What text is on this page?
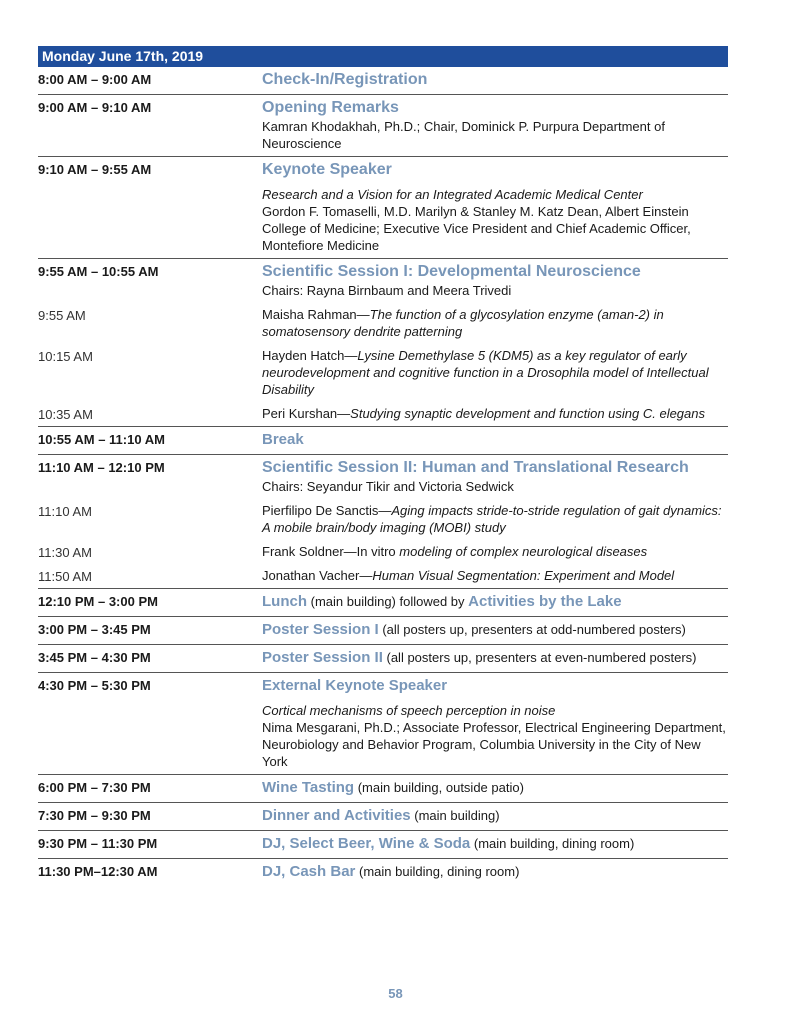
Monday June 17th, 2019
8:00 AM – 9:00 AM	Check-In/Registration
9:00 AM – 9:10 AM	Opening Remarks
Kamran Khodakhah, Ph.D.; Chair, Dominick P. Purpura Department of Neuroscience
9:10 AM – 9:55 AM	Keynote Speaker
Research and a Vision for an Integrated Academic Medical Center
Gordon F. Tomaselli, M.D. Marilyn & Stanley M. Katz Dean, Albert Einstein College of Medicine; Executive Vice President and Chief Academic Officer, Montefiore Medicine
9:55 AM – 10:55 AM	Scientific Session I: Developmental Neuroscience
Chairs: Rayna Birnbaum and Meera Trivedi
9:55 AM	Maisha Rahman—The function of a glycosylation enzyme (aman-2) in somatosensory dendrite patterning
10:15 AM	Hayden Hatch—Lysine Demethylase 5 (KDM5) as a key regulator of early neurodevelopment and cognitive function in a Drosophila model of Intellectual Disability
10:35 AM	Peri Kurshan—Studying synaptic development and function using C. elegans
10:55 AM – 11:10 AM	Break
11:10 AM – 12:10 PM	Scientific Session II: Human and Translational Research
Chairs: Seyandur Tikir and Victoria Sedwick
11:10 AM	Pierfilipo De Sanctis—Aging impacts stride-to-stride regulation of gait dynamics: A mobile brain/body imaging (MOBI) study
11:30 AM	Frank Soldner—In vitro modeling of complex neurological diseases
11:50 AM	Jonathan Vacher—Human Visual Segmentation: Experiment and Model
12:10 PM – 3:00 PM	Lunch (main building) followed by Activities by the Lake
3:00 PM – 3:45 PM	Poster Session I (all posters up, presenters at odd-numbered posters)
3:45 PM – 4:30 PM	Poster Session II (all posters up, presenters at even-numbered posters)
4:30 PM – 5:30 PM	External Keynote Speaker
Cortical mechanisms of speech perception in noise
Nima Mesgarani, Ph.D.; Associate Professor, Electrical Engineering Department, Neurobiology and Behavior Program, Columbia University in the City of New York
6:00 PM – 7:30 PM	Wine Tasting (main building, outside patio)
7:30 PM – 9:30 PM	Dinner and Activities (main building)
9:30 PM – 11:30 PM	DJ, Select Beer, Wine & Soda (main building, dining room)
11:30 PM–12:30 AM	DJ, Cash Bar (main building, dining room)
58
